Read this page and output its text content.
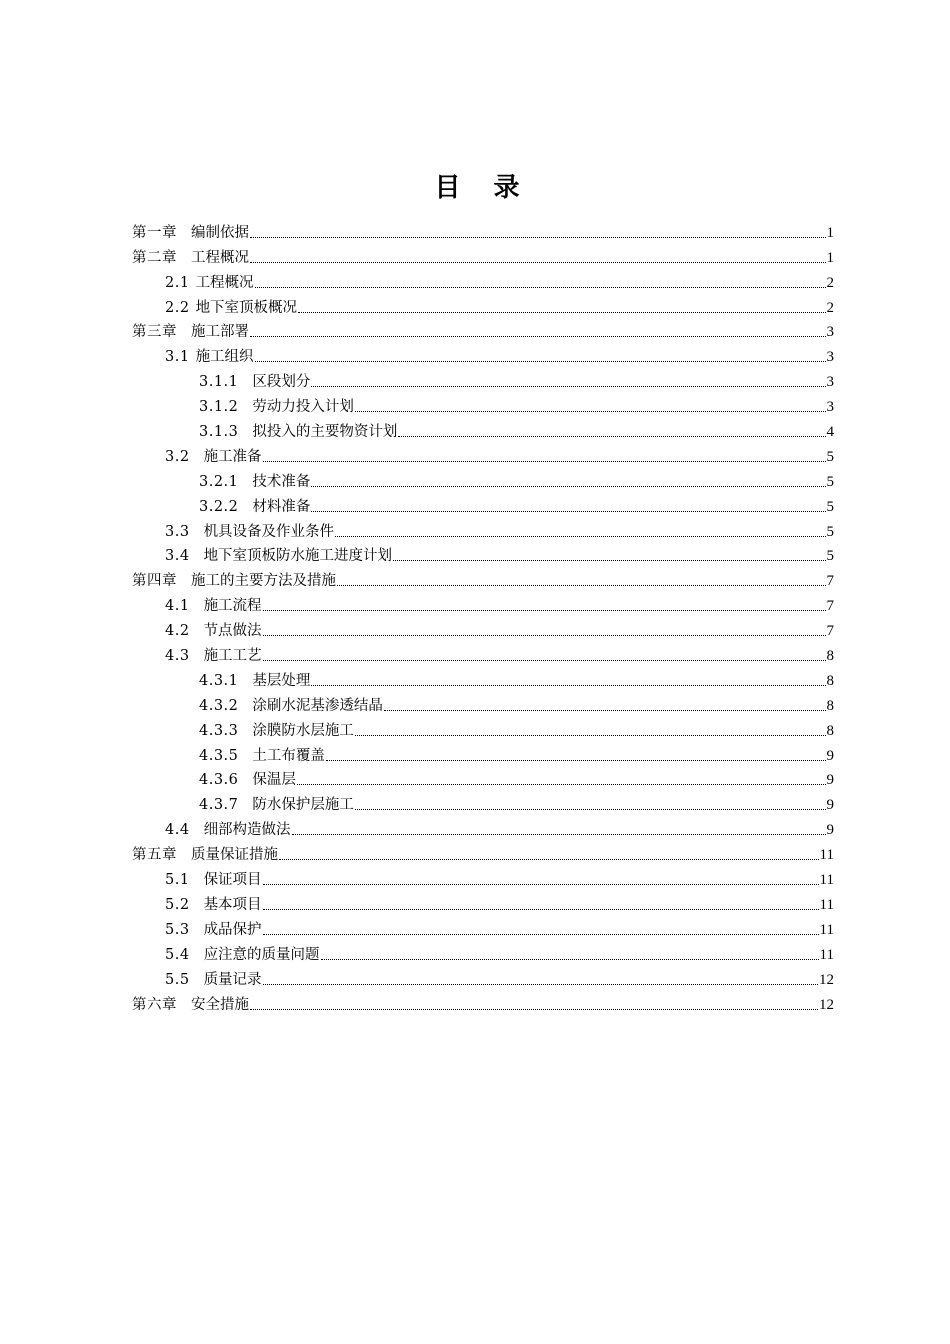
目 录
第一章 编制依据	1
第二章 工程概况	1
2.1 工程概况	2
2.2 地下室顶板概况	2
第三章 施工部署	3
3.1 施工组织	3
3.1.1 区段划分	3
3.1.2 劳动力投入计划	3
3.1.3 拟投入的主要物资计划	4
3.2 施工准备	5
3.2.1 技术准备	5
3.2.2 材料准备	5
3.3 机具设备及作业条件	5
3.4 地下室顶板防水施工进度计划	5
第四章 施工的主要方法及措施	7
4.1 施工流程	7
4.2 节点做法	7
4.3 施工工艺	8
4.3.1 基层处理	8
4.3.2 涂刷水泥基渗透结晶	8
4.3.3 涂膜防水层施工	8
4.3.5 土工布覆盖	9
4.3.6 保温层	9
4.3.7 防水保护层施工	9
4.4 细部构造做法	9
第五章 质量保证措施	11
5.1 保证项目	11
5.2 基本项目	11
5.3 成品保护	11
5.4 应注意的质量问题	11
5.5 质量记录	12
第六章 安全措施	12
